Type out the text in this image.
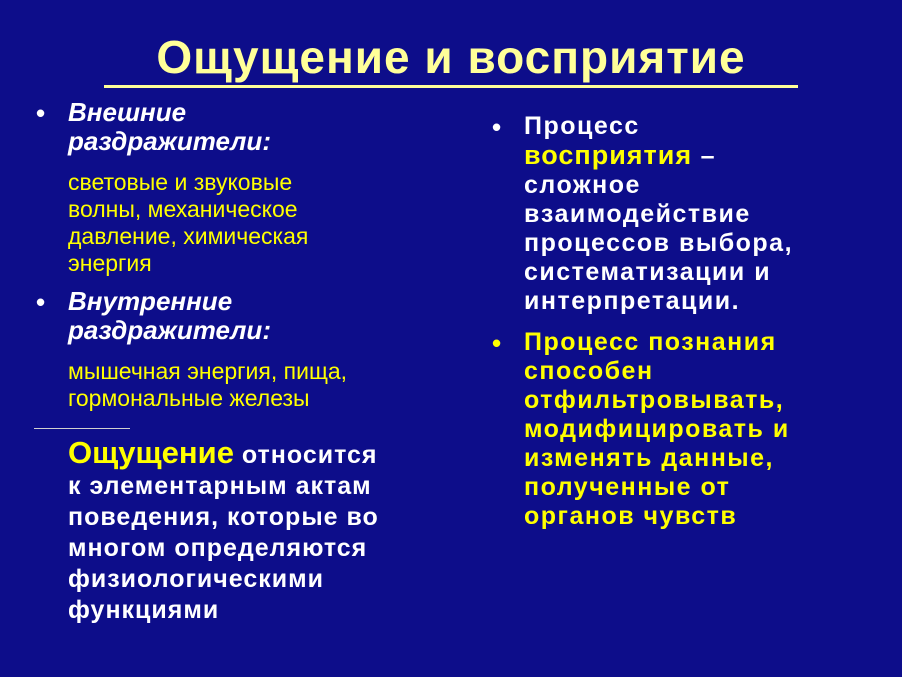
Ощущение и восприятие
• Внешние
раздражители:
световые и звуковые
волны, механическое
давление, химическая
энергия
• Внутренние
раздражители:
мышечная энергия, пища,
гормональные железы
Ощущение относится
к элементарным актам
поведения, которые во
многом определяются
физиологическими
функциями
• Процесс
восприятия –
сложное
взаимодействие
процессов выбора,
систематизации и
интерпретации.
• Процесс познания
способен
отфильтровывать,
модифицировать и
изменять данные,
полученные от
органов чувств
